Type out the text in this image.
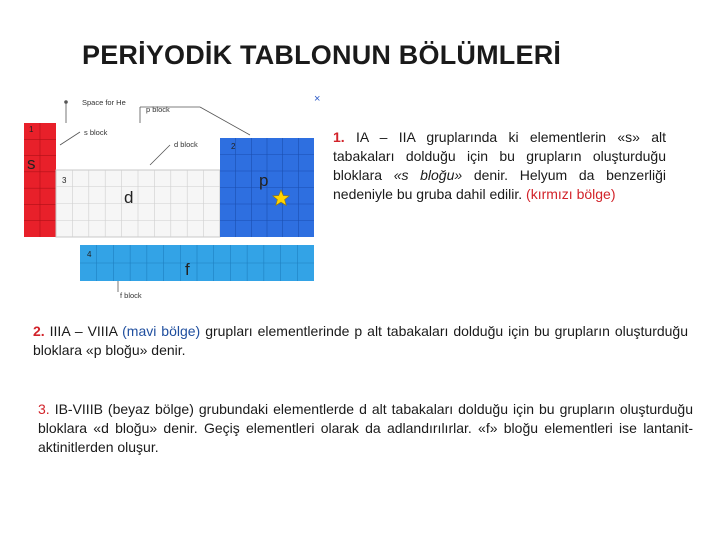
PERİYODİK TABLONUN BÖLÜMLERİ
Space for He
p block
s block
d block
f block
1
2
3
4
s
p
d
f
×
1. IA – IIA gruplarında ki elementlerin «s» alt tabakaları dolduğu için bu grupların oluşturduğu bloklara «s bloğu» denir. Helyum da benzerliği nedeniyle bu gruba dahil edilir. (kırmızı bölge)
2. IIIA – VIIIA (mavi bölge) grupları elementlerinde p alt tabakaları dolduğu için bu grupların oluşturduğu bloklara «p bloğu» denir.
3. IB-VIIIB (beyaz bölge) grubundaki elementlerde d alt tabakaları dolduğu için bu grupların oluşturduğu bloklara «d bloğu» denir. Geçiş elementleri olarak da adlandırılırlar. «f» bloğu elementleri ise lantanit-aktinitlerden oluşur.
